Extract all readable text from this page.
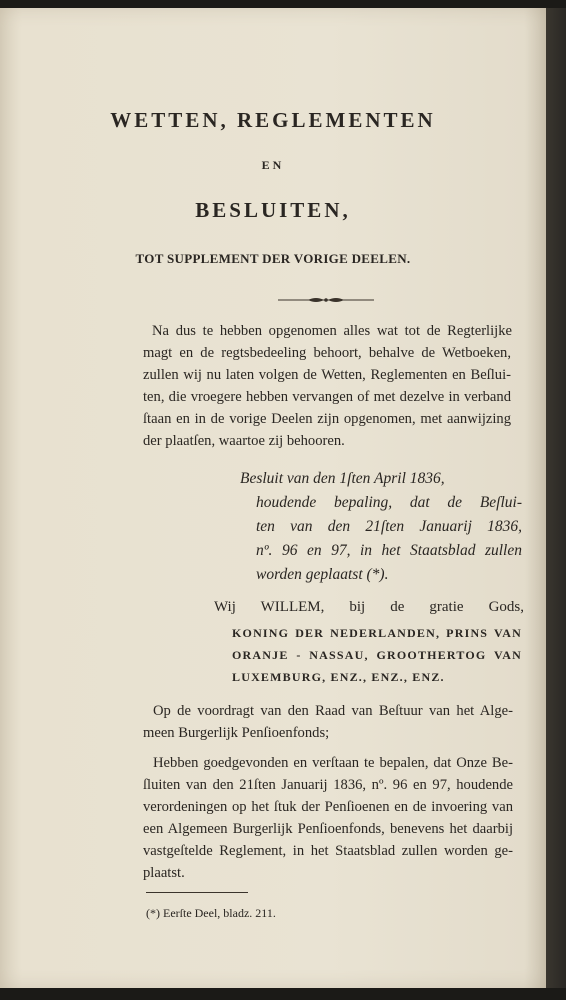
WETTEN, REGLEMENTEN
EN
BESLUITEN,
TOT SUPPLEMENT DER VORIGE DEELEN.
Na dus te hebben opgenomen alles wat tot de Regterlijke
magt en de regtsbedeeling behoort, behalve de Wetboeken,
zullen wij nu laten volgen de Wetten, Reglementen en Beſlui-
ten, die vroegere hebben vervangen of met dezelve in verband
ſtaan en in de vorige Deelen zijn opgenomen, met aanwijzing
der plaatſen, waartoe zij behooren.
Besluit van den 1ſten April 1836,
houdende bepaling, dat de Beſlui-
ten van den 21ſten Januarij 1836,
nº. 96 en 97, in het Staatsblad zullen
worden geplaatst (*).
Wij WILLEM, bij de gratie Gods,
KONING DER NEDERLANDEN, PRINS VAN
ORANJE - NASSAU, GROOTHERTOG VAN
LUXEMBURG, ENZ., ENZ., ENZ.
Op de voordragt van den Raad van Beſtuur van het Alge-
meen Burgerlijk Penſioenfonds;
Hebben goedgevonden en verſtaan te bepalen, dat Onze Be-
ſluiten van den 21ſten Januarij 1836, nº. 96 en 97, houdende
verordeningen op het ſtuk der Penſioenen en de invoering van
een Algemeen Burgerlijk Penſioenfonds, benevens het daarbij
vastgeſtelde Reglement, in het Staatsblad zullen worden ge-
plaatst.
(*) Eerſte Deel, bladz. 211.
